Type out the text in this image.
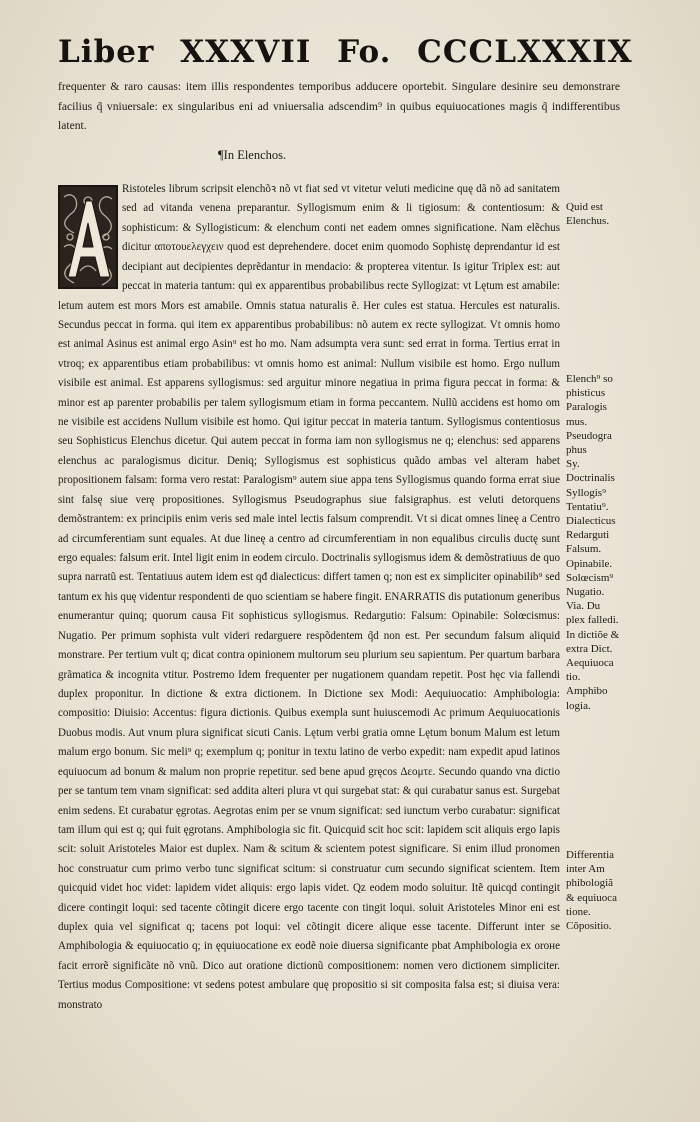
Liber XXXVII Fo. CCCLXXXIX

frequenter & raro causas: item illis respondentes temporibus adducere oportebit. Singulare desinire seu demonstrare facilius q̃ vniuersale: ex singularibus eni ad vniuersalia adscendim⁹ in quibus equiuocationes magis q̃ indifferentibus latent.

¶In Elenchos.

Ristoteles librum scripsit elenchõꝛ nõ vt fiat sed vt vitetur veluti medicine quę dã nõ ad sanitatem sed ad vitanda venena preparantur. Syllogismum enim & li tigiosum: & contentiosum: & sophisticum: & Syllogisticum: & elenchum conti net eadem omnes significatione. Nam elẽchus dicitur αποτουελεγχειν quod est deprehendere. docet enim quomodo Sophistę deprendantur id est decipiant aut decipientes deprẽdantur in mendacio: & propterea vitentur. Is igitur Triplex est: aut peccat in materia tantum: qui ex apparentibus probabilibus recte Syllogizat: vt Lętum est amabile: letum autem est mors Mors est amabile. Omnis statua naturalis ẽ. Her cules est statua. Hercules est naturalis. Secundus peccat in forma. qui item ex apparentibus probabilibus: nõ autem ex recte syllogizat. Vt omnis homo est animal Asinus est animal ergo Asin⁹ est ho mo. Nam adsumpta vera sunt: sed errat in forma. Tertius errat in vtroq; ex apparentibus etiam probabilibus: vt omnis homo est animal: Nullum visibile est homo. Ergo nullum visibile est animal. Est apparens syllogismus: sed arguitur minore negatiua in prima figura peccat in forma: & minor est ap parenter probabilis per talem syllogismum etiam in forma peccantem. Nullũ accidens est homo om ne visibile est accidens Nullum visibile est homo. Qui igitur peccat in materia tantum. Syllogismus contentiosus seu Sophisticus Elenchus dicetur. Qui autem peccat in forma iam non syllogismus ne q; elenchus: sed apparens elenchus ac paralogismus dicitur. Deniq; Syllogismus est sophisticus quãdo ambas vel alteram habet propositionem falsam: forma vero restat: Paralogism⁹ autem siue appa tens Syllogismus quando forma errat siue sint falsę siue verę propositiones. Syllogismus Pseudographus siue falsigraphus. est veluti detorquens demõstrantem: ex principiis enim veris sed male intel lectis falsum comprendit. Vt si dicat omnes lineę a Centro ad circumferentiam sunt equales. At due lineę a centro ad circumferentiam in non equalibus circulis ductę sunt ergo equales: falsum erit. Intel ligit enim in eodem circulo. Doctrinalis syllogismus idem & demõstratiuus de quo supra narratũ est. Tentatiuus autem idem est qđ dialecticus: differt tamen q; non est ex simpliciter opinabilib⁹ sed tantum ex his quę videntur respondenti de quo scientiam se habere fingit. ENARRATIS dis putationum generibus enumerantur quinq; quorum causa Fit sophisticus syllogismus. Redargutio: Falsum: Opinabile: Solœcismus: Nugatio. Per primum sophista vult videri redarguere respõdentem q̃d non est. Per secundum falsum aliquid monstrare. Per tertium vult q; dicat contra opinionem multorum seu plurium seu sapientum. Per quartum barbara grãmatica & incognita vtitur. Postremo Idem frequenter per nugationem quandam repetit. Post hęc via fallendi duplex proponitur. In dictione & extra dictionem. In Dictione sex Modi: Aequiuocatio: Amphibologia: compositio: Diuisio: Accentus: figura dictionis. Quibus exempla sunt huiuscemodi Ac primum Aequiuocationis Duobus modis. Aut vnum plura significat sicuti Canis. Lętum verbi gratia omne Lętum bonum Malum est letum malum ergo bonum. Sic meli⁹ q; exemplum q; ponitur in textu latino de verbo expedit: nam expedit apud latinos equiuocum ad bonum & malum non proprie repetitur. sed bene apud gręcos Δεομτε. Secundo quando vna dictio per se tantum tem vnam significat: sed addita alteri plura vt qui surgebat stat: & qui curabatur sanus est. Surgebat enim sedens. Et curabatur ęgrotas. Aegrotas enim per se vnum significat: sed iunctum verbo curabatur: significat tam illum qui est q; qui fuit ęgrotans. Amphibologia sic fit. Quicquid scit hoc scit: lapidem scit aliquis ergo lapis scit: soluit Aristoteles Maior est duplex. Nam & scitum & scientem potest significare. Si enim illud pronomen hoc construatur cum primo verbo tunc significat scitum: si construatur cum secundo significat scientem. Item quicquid videt hoc videt: lapidem videt aliquis: ergo lapis videt. Qz eodem modo soluitur. Itẽ quicqd contingit dicere contingit loqui: sed tacente cõtingit dicere ergo tacente con tingit loqui. soluit Aristoteles Minor eni est duplex quia vel significat q; tacens pot loqui: vel cõtingit dicere alique esse tacente. Differunt inter se Amphibologia & equiuocatio q; in ęquiuocatione ex eodẽ noie diuersa significante pbat Amphibologia ex oroне facit errorẽ significãte nõ vnũ. Dico aut oratione dictionũ compositionem: nomen vero dictionem simpliciter. Tertius modus Compositione: vt sedens potest ambulare quę propositio si sit composita falsa est; si diuisa vera: monstrato

Quid est
Elenchus.
Elench⁹ so
phisticus
Paralogis
mus.
Pseudogra
phus
Sy.
Doctrinalis
Syllogis⁹
Tentatiu⁹.
Dialecticus
Redarguti
Falsum.
Opinabile.
Solœcism⁹
Nugatio.
Via. Du
plex falledi.
In dictiõe &
extra Dict.
Aequiuoca
tio.
Amphibo
logia.
Differentia
inter Am
phibologiã
& equiuoca
tione.
Cõpositio.
